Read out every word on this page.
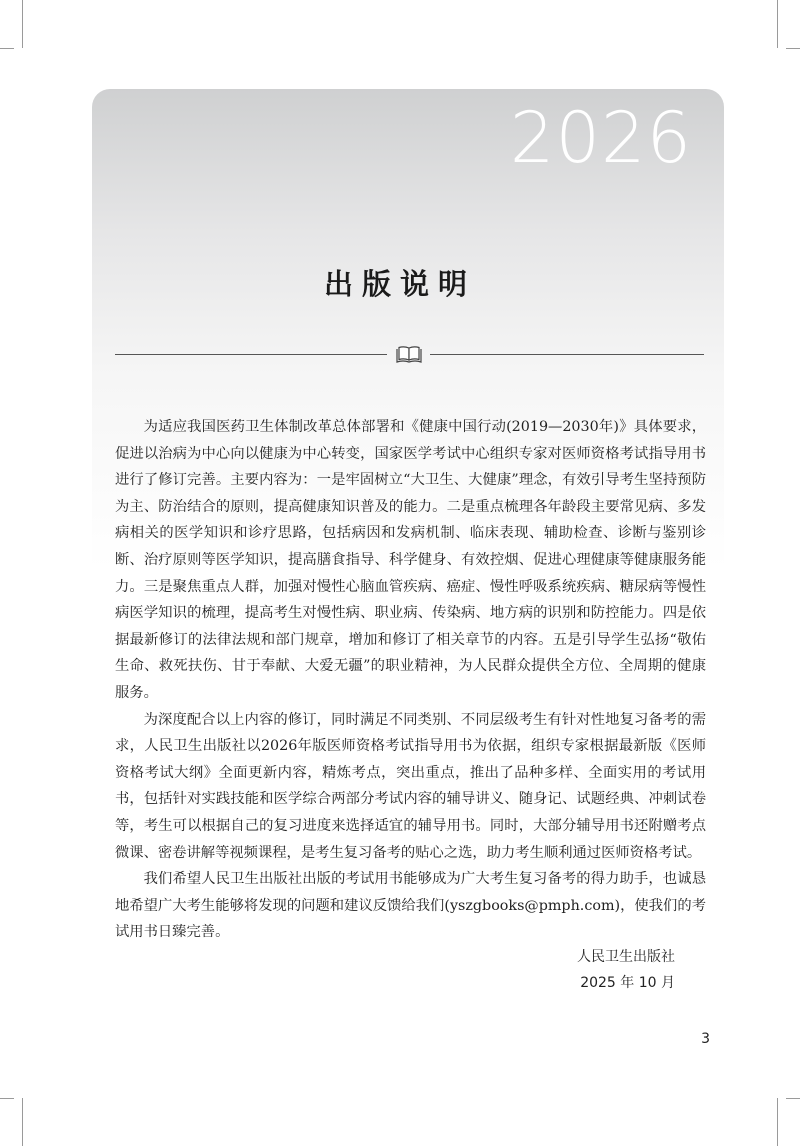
2026
出版说明

为适应我国医药卫生体制改革总体部署和《健康中国行动(2019—2030年)》具体要求，促进以治病为中心向以健康为中心转变，国家医学考试中心组织专家对医师资格考试指导用书进行了修订完善。主要内容为：一是牢固树立“大卫生、大健康”理念，有效引导考生坚持预防为主、防治结合的原则，提高健康知识普及的能力。二是重点梳理各年龄段主要常见病、多发病相关的医学知识和诊疗思路，包括病因和发病机制、临床表现、辅助检查、诊断与鉴别诊断、治疗原则等医学知识，提高膳食指导、科学健身、有效控烟、促进心理健康等健康服务能力。三是聚焦重点人群，加强对慢性心脑血管疾病、癌症、慢性呼吸系统疾病、糖尿病等慢性病医学知识的梳理，提高考生对慢性病、职业病、传染病、地方病的识别和防控能力。四是依据最新修订的法律法规和部门规章，增加和修订了相关章节的内容。五是引导学生弘扬“敬佑生命、救死扶伤、甘于奉献、大爱无疆”的职业精神，为人民群众提供全方位、全周期的健康服务。

为深度配合以上内容的修订，同时满足不同类别、不同层级考生有针对性地复习备考的需求，人民卫生出版社以2026年版医师资格考试指导用书为依据，组织专家根据最新版《医师资格考试大纲》全面更新内容，精炼考点，突出重点，推出了品种多样、全面实用的考试用书，包括针对实践技能和医学综合两部分考试内容的辅导讲义、随身记、试题经典、冲刺试卷等，考生可以根据自己的复习进度来选择适宜的辅导用书。同时，大部分辅导用书还附赠考点微课、密卷讲解等视频课程，是考生复习备考的贴心之选，助力考生顺利通过医师资格考试。

我们希望人民卫生出版社出版的考试用书能够成为广大考生复习备考的得力助手，也诚恳地希望广大考生能够将发现的问题和建议反馈给我们(yszgbooks@pmph.com)，使我们的考试用书日臻完善。

人民卫生出版社
2025 年 10 月
3
